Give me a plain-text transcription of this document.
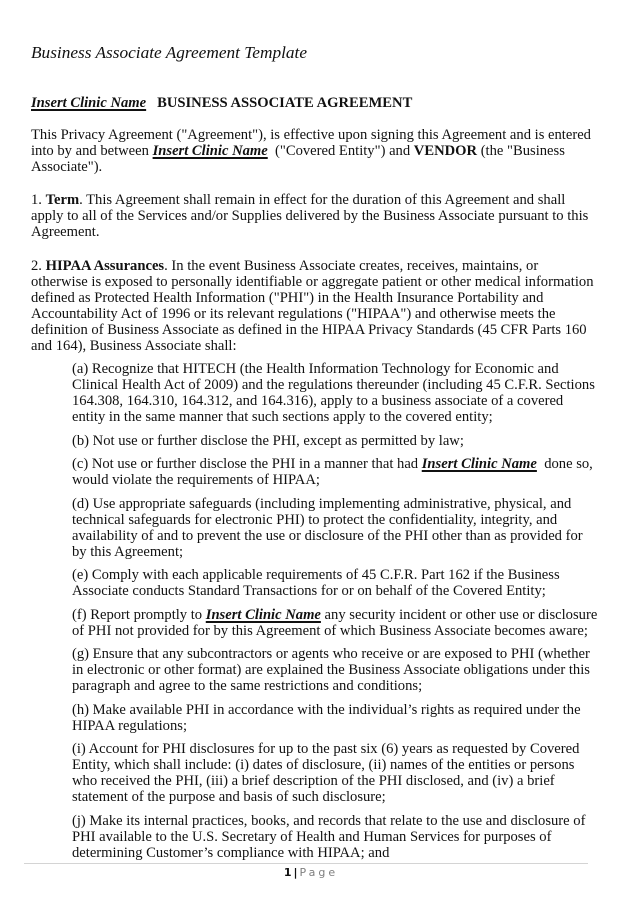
Business Associate Agreement Template
Insert Clinic Name BUSINESS ASSOCIATE AGREEMENT
This Privacy Agreement ("Agreement"), is effective upon signing this Agreement and is entered
into by and between Insert Clinic Name  ("Covered Entity") and VENDOR (the "Business
Associate").
1. Term. This Agreement shall remain in effect for the duration of this Agreement and shall
apply to all of the Services and/or Supplies delivered by the Business Associate pursuant to this
Agreement.
2. HIPAA Assurances. In the event Business Associate creates, receives, maintains, or
otherwise is exposed to personally identifiable or aggregate patient or other medical information
defined as Protected Health Information ("PHI") in the Health Insurance Portability and
Accountability Act of 1996 or its relevant regulations ("HIPAA") and otherwise meets the
definition of Business Associate as defined in the HIPAA Privacy Standards (45 CFR Parts 160
and 164), Business Associate shall:
(a) Recognize that HITECH (the Health Information Technology for Economic and
Clinical Health Act of 2009) and the regulations thereunder (including 45 C.F.R. Sections
164.308, 164.310, 164.312, and 164.316), apply to a business associate of a covered
entity in the same manner that such sections apply to the covered entity;
(b) Not use or further disclose the PHI, except as permitted by law;
(c) Not use or further disclose the PHI in a manner that had Insert Clinic Name  done so,
would violate the requirements of HIPAA;
(d) Use appropriate safeguards (including implementing administrative, physical, and
technical safeguards for electronic PHI) to protect the confidentiality, integrity, and
availability of and to prevent the use or disclosure of the PHI other than as provided for
by this Agreement;
(e) Comply with each applicable requirements of 45 C.F.R. Part 162 if the Business
Associate conducts Standard Transactions for or on behalf of the Covered Entity;
(f) Report promptly to Insert Clinic Name any security incident or other use or disclosure
of PHI not provided for by this Agreement of which Business Associate becomes aware;
(g) Ensure that any subcontractors or agents who receive or are exposed to PHI (whether
in electronic or other format) are explained the Business Associate obligations under this
paragraph and agree to the same restrictions and conditions;
(h) Make available PHI in accordance with the individual’s rights as required under the
HIPAA regulations;
(i) Account for PHI disclosures for up to the past six (6) years as requested by Covered
Entity, which shall include: (i) dates of disclosure, (ii) names of the entities or persons
who received the PHI, (iii) a brief description of the PHI disclosed, and (iv) a brief
statement of the purpose and basis of such disclosure;
(j) Make its internal practices, books, and records that relate to the use and disclosure of
PHI available to the U.S. Secretary of Health and Human Services for purposes of
determining Customer’s compliance with HIPAA; and
1 | Page
